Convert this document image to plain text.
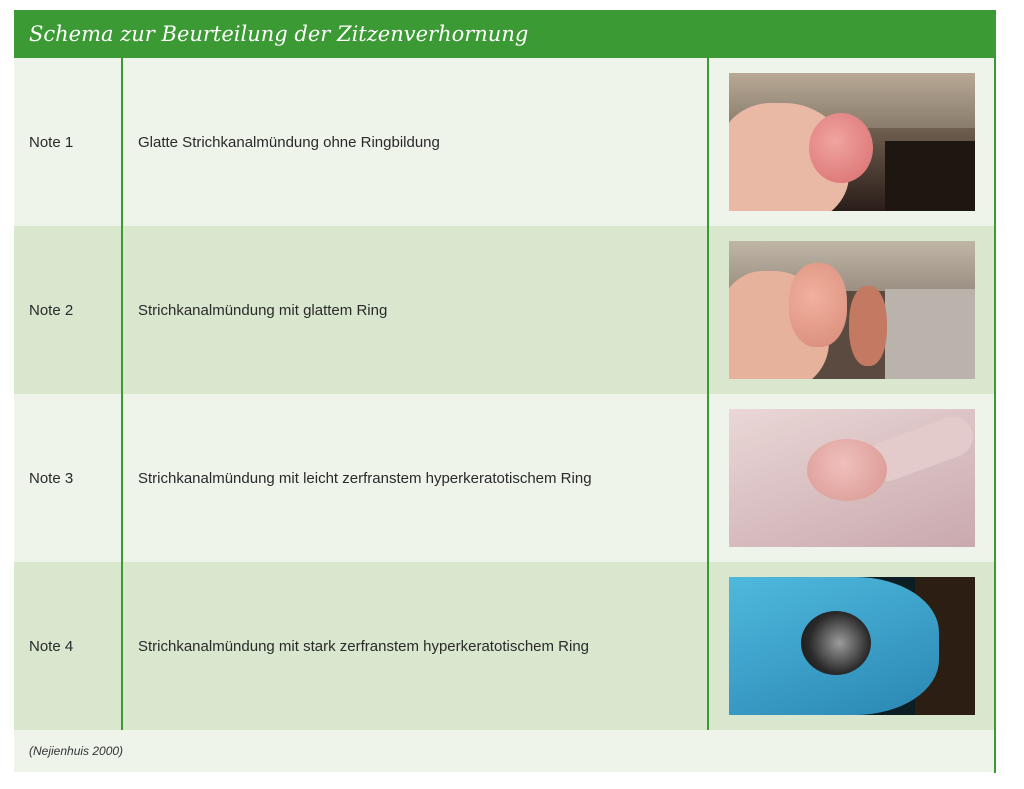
Schema zur Beurteilung der Zitzenverhornung
Note 1	Glatte Strichkanalmündung ohne Ringbildung
Note 2	Strichkanalmündung mit glattem Ring
Note 3	Strichkanalmündung mit leicht zerfranstem hyperkeratotischem Ring
Note 4	Strichkanalmündung mit stark zerfranstem hyperkeratotischem Ring
(Nejienhuis 2000)
